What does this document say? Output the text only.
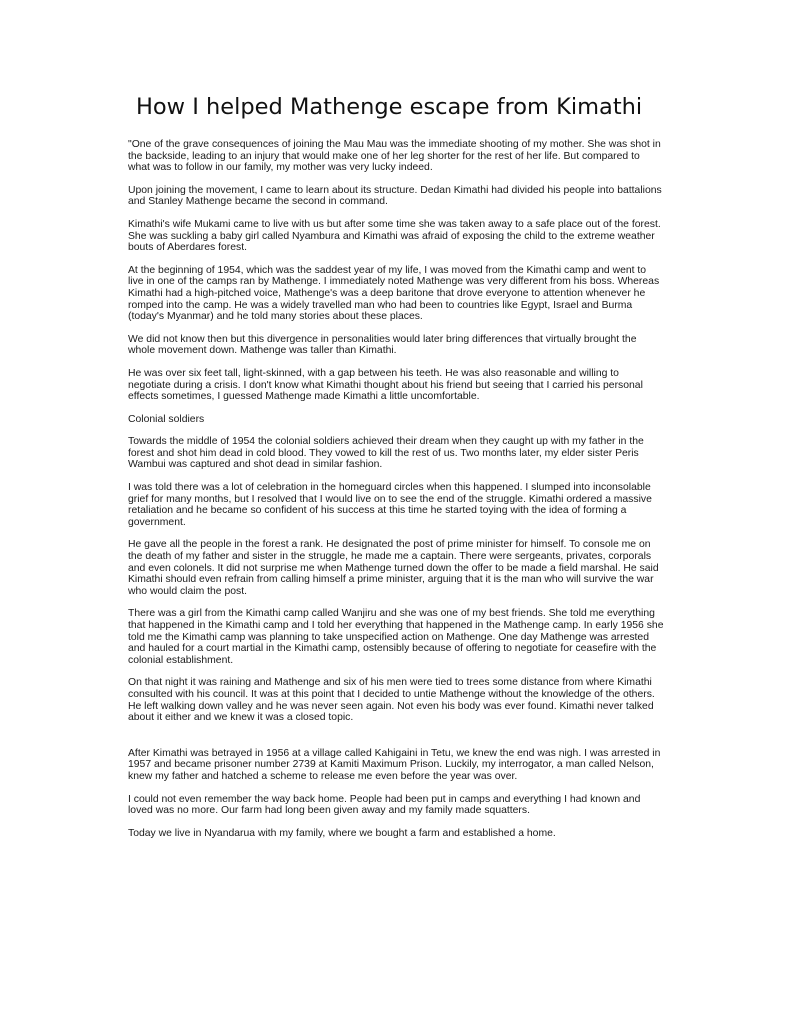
How I helped Mathenge escape from Kimathi

"One of the grave consequences of joining the Mau Mau was the immediate shooting of my mother. She was shot in the backside, leading to an injury that would make one of her leg shorter for the rest of her life. But compared to what was to follow in our family, my mother was very lucky indeed.

Upon joining the movement, I came to learn about its structure. Dedan Kimathi had divided his people into battalions and Stanley Mathenge became the second in command.

Kimathi's wife Mukami came to live with us but after some time she was taken away to a safe place out of the forest. She was suckling a baby girl called Nyambura and Kimathi was afraid of exposing the child to the extreme weather bouts of Aberdares forest.

At the beginning of 1954, which was the saddest year of my life, I was moved from the Kimathi camp and went to live in one of the camps ran by Mathenge. I immediately noted Mathenge was very different from his boss. Whereas Kimathi had a high-pitched voice, Mathenge's was a deep baritone that drove everyone to attention whenever he romped into the camp. He was a widely travelled man who had been to countries like Egypt, Israel and Burma (today's Myanmar) and he told many stories about these places.

We did not know then but this divergence in personalities would later bring differences that virtually brought the whole movement down. Mathenge was taller than Kimathi.

He was over six feet tall, light-skinned, with a gap between his teeth. He was also reasonable and willing to negotiate during a crisis. I don't know what Kimathi thought about his friend but seeing that I carried his personal effects sometimes, I guessed Mathenge made Kimathi a little uncomfortable.

Colonial soldiers

Towards the middle of 1954 the colonial soldiers achieved their dream when they caught up with my father in the forest and shot him dead in cold blood. They vowed to kill the rest of us. Two months later, my elder sister Peris Wambui was captured and shot dead in similar fashion.

I was told there was a lot of celebration in the homeguard circles when this happened. I slumped into inconsolable grief for many months, but I resolved that I would live on to see the end of the struggle. Kimathi ordered a massive retaliation and he became so confident of his success at this time he started toying with the idea of forming a government.

He gave all the people in the forest a rank. He designated the post of prime minister for himself. To console me on the death of my father and sister in the struggle, he made me a captain. There were sergeants, privates, corporals and even colonels. It did not surprise me when Mathenge turned down the offer to be made a field marshal. He said Kimathi should even refrain from calling himself a prime minister, arguing that it is the man who will survive the war who would claim the post.

There was a girl from the Kimathi camp called Wanjiru and she was one of my best friends. She told me everything that happened in the Kimathi camp and I told her everything that happened in the Mathenge camp. In early 1956 she told me the Kimathi camp was planning to take unspecified action on Mathenge. One day Mathenge was arrested and hauled for a court martial in the Kimathi camp, ostensibly because of offering to negotiate for ceasefire with the colonial establishment.

On that night it was raining and Mathenge and six of his men were tied to trees some distance from where Kimathi consulted with his council. It was at this point that I decided to untie Mathenge without the knowledge of the others. He left walking down valley and he was never seen again. Not even his body was ever found. Kimathi never talked about it either and we knew it was a closed topic.

After Kimathi was betrayed in 1956 at a village called Kahigaini in Tetu, we knew the end was nigh. I was arrested in 1957 and became prisoner number 2739 at Kamiti Maximum Prison. Luckily, my interrogator, a man called Nelson, knew my father and hatched a scheme to release me even before the year was over.

I could not even remember the way back home. People had been put in camps and everything I had known and loved was no more. Our farm had long been given away and my family made squatters.

Today we live in Nyandarua with my family, where we bought a farm and established a home.
